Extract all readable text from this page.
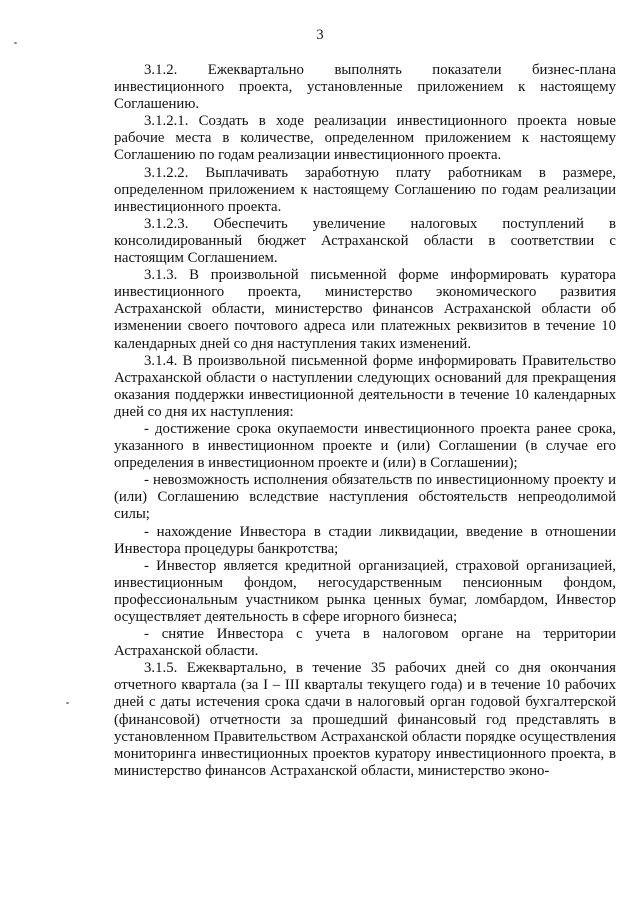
3

3.1.2. Ежеквартально выполнять показатели бизнес-плана инвестиционного проекта, установленные приложением к настоящему Соглашению.

3.1.2.1. Создать в ходе реализации инвестиционного проекта новые рабочие места в количестве, определенном приложением к настоящему Соглашению по годам реализации инвестиционного проекта.

3.1.2.2. Выплачивать заработную плату работникам в размере, определенном приложением к настоящему Соглашению по годам реализации инвестиционного проекта.

3.1.2.3. Обеспечить увеличение налоговых поступлений в консолидированный бюджет Астраханской области в соответствии с настоящим Соглашением.

3.1.3. В произвольной письменной форме информировать куратора инвестиционного проекта, министерство экономического развития Астраханской области, министерство финансов Астраханской области об изменении своего почтового адреса или платежных реквизитов в течение 10 календарных дней со дня наступления таких изменений.

3.1.4. В произвольной письменной форме информировать Правительство Астраханской области о наступлении следующих оснований для прекращения оказания поддержки инвестиционной деятельности в течение 10 календарных дней со дня их наступления:

- достижение срока окупаемости инвестиционного проекта ранее срока, указанного в инвестиционном проекте и (или) Соглашении (в случае его определения в инвестиционном проекте и (или) в Соглашении);

- невозможность исполнения обязательств по инвестиционному проекту и (или) Соглашению вследствие наступления обстоятельств непреодолимой силы;

- нахождение Инвестора в стадии ликвидации, введение в отношении Инвестора процедуры банкротства;

- Инвестор является кредитной организацией, страховой организацией, инвестиционным фондом, негосударственным пенсионным фондом, профессиональным участником рынка ценных бумаг, ломбардом, Инвестор осуществляет деятельность в сфере игорного бизнеса;

- снятие Инвестора с учета в налоговом органе на территории Астраханской области.

3.1.5. Ежеквартально, в течение 35 рабочих дней со дня окончания отчетного квартала (за I – III кварталы текущего года) и в течение 10 рабочих дней с даты истечения срока сдачи в налоговый орган годовой бухгалтерской (финансовой) отчетности за прошедший финансовый год представлять в установленном Правительством Астраханской области порядке осуществления мониторинга инвестиционных проектов куратору инвестиционного проекта, в министерство финансов Астраханской области, министерство эконо-
